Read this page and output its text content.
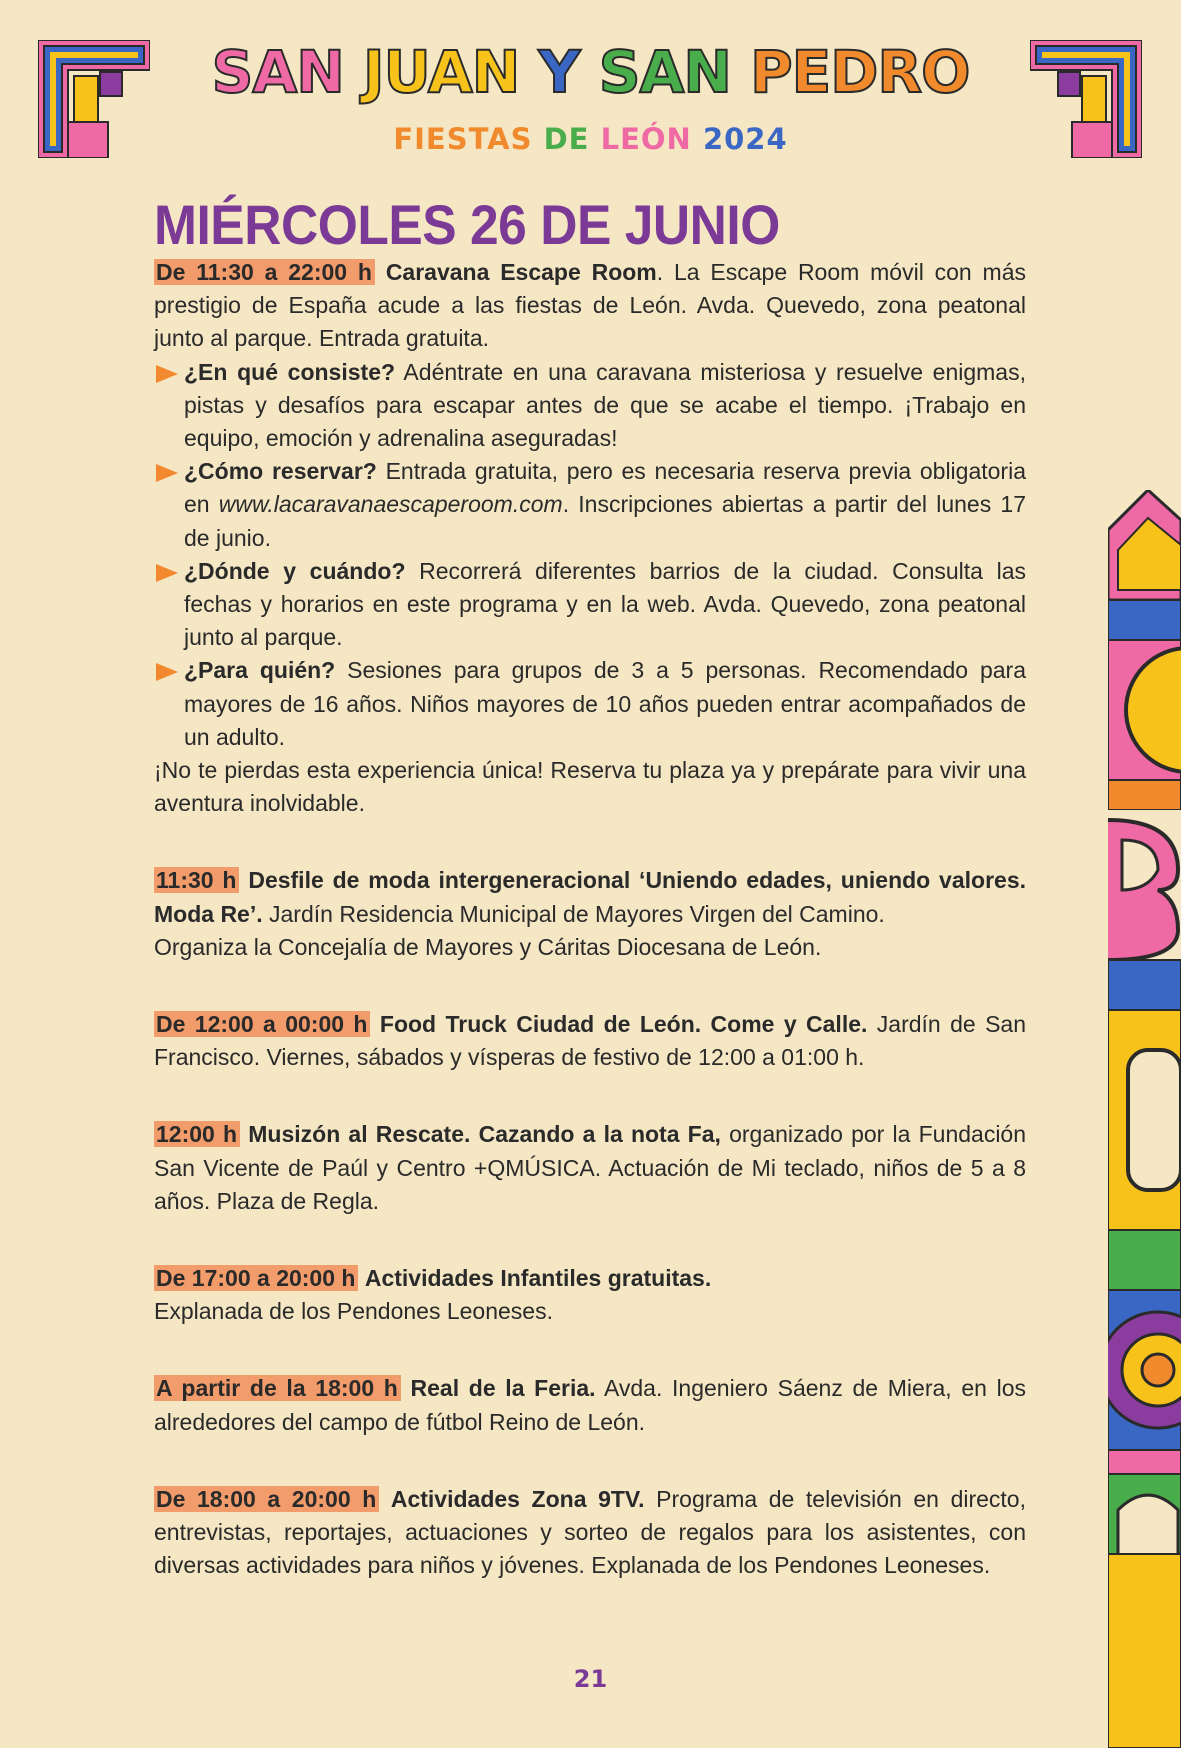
SAN JUAN Y SAN PEDRO
FIESTAS DE LEÓN 2024
MIÉRCOLES 26 DE JUNIO

De 11:30 a 22:00 h Caravana Escape Room. La Escape Room móvil con más prestigio de España acude a las fiestas de León. Avda. Quevedo, zona peatonal junto al parque. Entrada gratuita.

¿En qué consiste? Adéntrate en una caravana misteriosa y resuelve enigmas, pistas y desafíos para escapar antes de que se acabe el tiempo. ¡Trabajo en equipo, emoción y adrenalina aseguradas!
¿Cómo reservar? Entrada gratuita, pero es necesaria reserva previa obligatoria en www.lacaravanaescaperoom.com. Inscripciones abiertas a partir del lunes 17 de junio.
¿Dónde y cuándo? Recorrerá diferentes barrios de la ciudad. Consulta las fechas y horarios en este programa y en la web. Avda. Quevedo, zona peatonal junto al parque.
¿Para quién? Sesiones para grupos de 3 a 5 personas. Recomendado para mayores de 16 años. Niños mayores de 10 años pueden entrar acompañados de un adulto.

¡No te pierdas esta experiencia única! Reserva tu plaza ya y prepárate para vivir una aventura inolvidable.

11:30 h Desfile de moda intergeneracional ‘Uniendo edades, uniendo valores. Moda Re’. Jardín Residencia Municipal de Mayores Virgen del Camino.

Organiza la Concejalía de Mayores y Cáritas Diocesana de León.

De 12:00 a 00:00 h Food Truck Ciudad de León. Come y Calle. Jardín de San Francisco. Viernes, sábados y vísperas de festivo de 12:00 a 01:00 h.

12:00 h Musizón al Rescate. Cazando a la nota Fa, organizado por la Fundación San Vicente de Paúl y Centro +QMÚSICA. Actuación de Mi teclado, niños de 5 a 8 años. Plaza de Regla.

De 17:00 a 20:00 h Actividades Infantiles gratuitas.

Explanada de los Pendones Leoneses.

A partir de la 18:00 h Real de la Feria. Avda. Ingeniero Sáenz de Miera, en los alrededores del campo de fútbol Reino de León.

De 18:00 a 20:00 h Actividades Zona 9TV. Programa de televisión en directo, entrevistas, reportajes, actuaciones y sorteo de regalos para los asistentes, con diversas actividades para niños y jóvenes. Explanada de los Pendones Leoneses.

21
